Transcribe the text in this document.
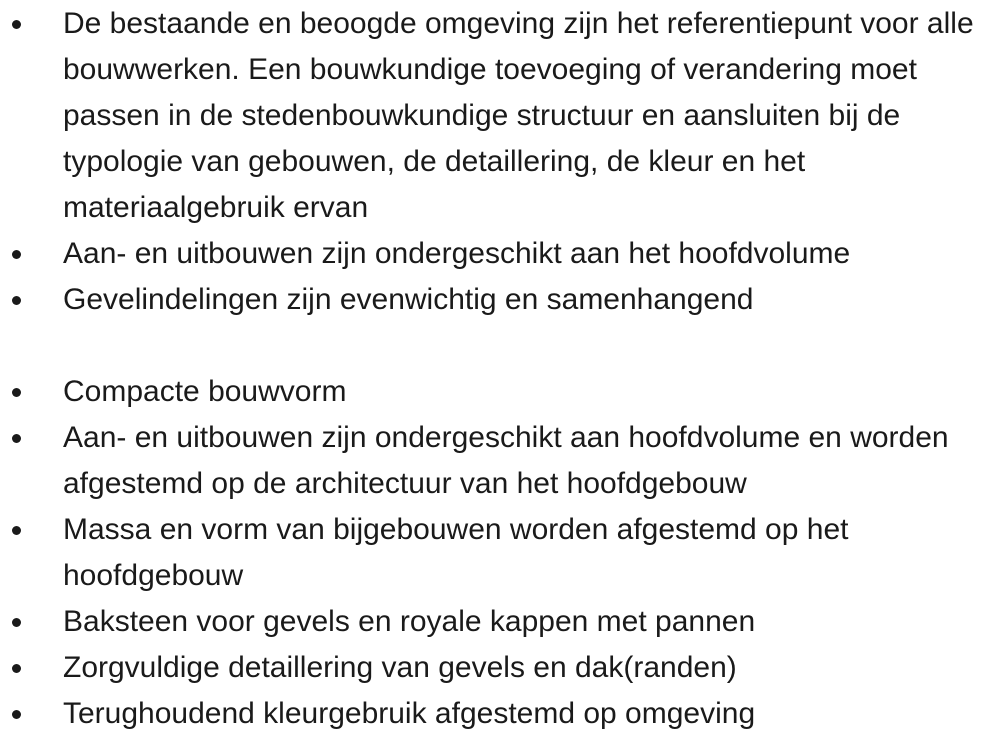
De bestaande en beoogde omgeving zijn het referentiepunt voor alle
bouwwerken. Een bouwkundige toevoeging of verandering moet
passen in de stedenbouwkundige structuur en aansluiten bij de
typologie van gebouwen, de detaillering, de kleur en het
materiaalgebruik ervan
Aan- en uitbouwen zijn ondergeschikt aan het hoofdvolume
Gevelindelingen zijn evenwichtig en samenhangend
Compacte bouwvorm
Aan- en uitbouwen zijn ondergeschikt aan hoofdvolume en worden
afgestemd op de architectuur van het hoofdgebouw
Massa en vorm van bijgebouwen worden afgestemd op het
hoofdgebouw
Baksteen voor gevels en royale kappen met pannen
Zorgvuldige detaillering van gevels en dak(randen)
Terughoudend kleurgebruik afgestemd op omgeving
